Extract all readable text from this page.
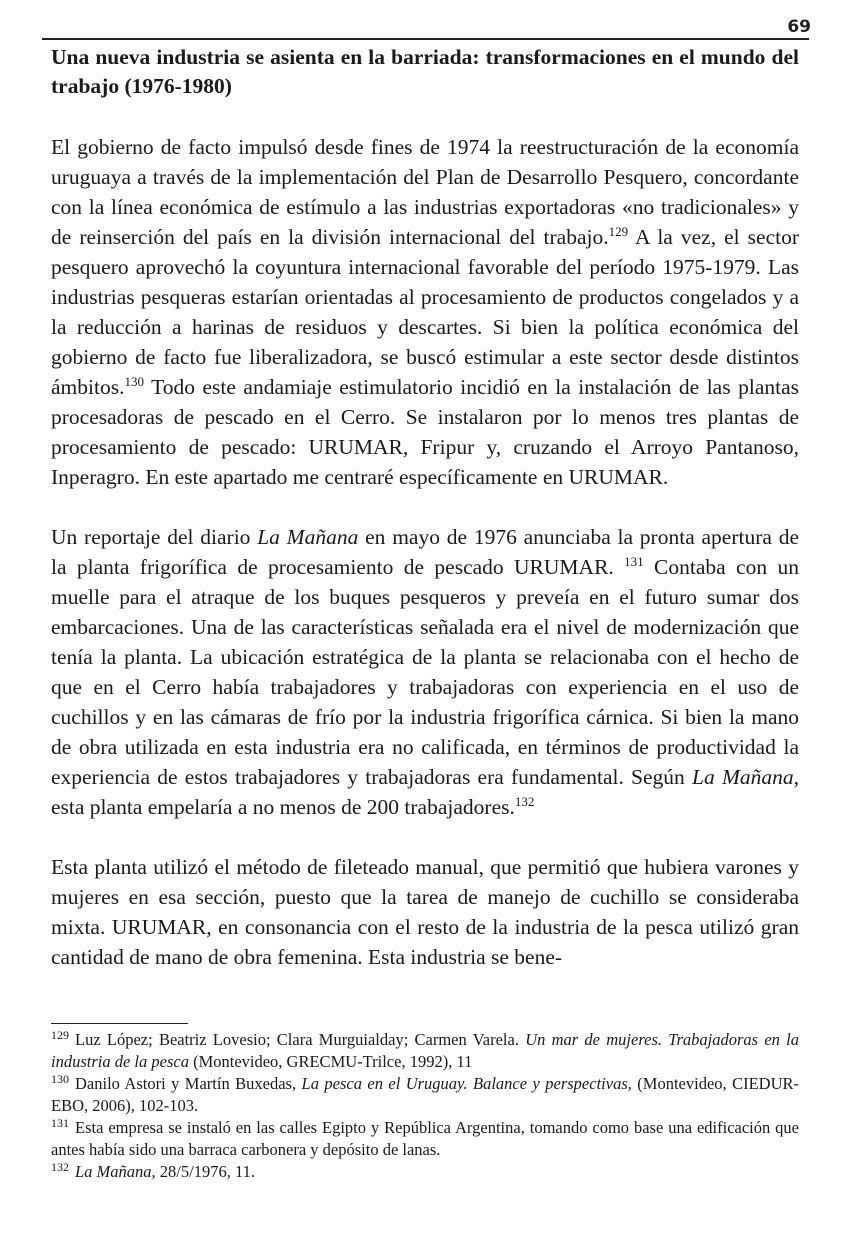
69
Una nueva industria se asienta en la barriada: transformaciones en el mundo del trabajo (1976-1980)

El gobierno de facto impulsó desde fines de 1974 la reestructuración de la economía uruguaya a través de la implementación del Plan de Desarrollo Pesquero, concordante con la línea económica de estímulo a las industrias exportadoras «no tradicionales» y de reinserción del país en la división internacional del trabajo.$^{129}$ A la vez, el sector pesquero aprovechó la coyuntura internacional favorable del período 1975-1979. Las industrias pesqueras estarían orientadas al procesamiento de productos congelados y a la reducción a harinas de residuos y descartes. Si bien la política económica del gobierno de facto fue liberalizadora, se buscó estimular a este sector desde distintos ámbitos.$^{130}$ Todo este andamiaje estimulatorio incidió en la instalación de las plantas procesadoras de pescado en el Cerro. Se instalaron por lo menos tres plantas de procesamiento de pescado: URUMAR, Fripur y, cruzando el Arroyo Pantanoso, Inperagro. En este apartado me centraré específicamente en URUMAR.

Un reportaje del diario La Mañana en mayo de 1976 anunciaba la pronta apertura de la planta frigorífica de procesamiento de pescado URUMAR. $^{131}$ Contaba con un muelle para el atraque de los buques pesqueros y preveía en el futuro sumar dos embarcaciones. Una de las características señalada era el nivel de modernización que tenía la planta. La ubicación estratégica de la planta se relacionaba con el hecho de que en el Cerro había trabajadores y trabajadoras con experiencia en el uso de cuchillos y en las cámaras de frío por la industria frigorífica cárnica. Si bien la mano de obra utilizada en esta industria era no calificada, en términos de productividad la experiencia de estos trabajadores y trabajadoras era fundamental. Según La Mañana, esta planta empelaría a no menos de 200 trabajadores.$^{132}$

Esta planta utilizó el método de fileteado manual, que permitió que hubiera varones y mujeres en esa sección, puesto que la tarea de manejo de cuchillo se consideraba mixta. URUMAR, en consonancia con el resto de la industria de la pesca utilizó gran cantidad de mano de obra femenina. Esta industria se bene-

$^{129}$ Luz López; Beatriz Lovesio; Clara Murguialday; Carmen Varela. Un mar de mujeres. Trabajadoras en la industria de la pesca (Montevideo, GRECMU-Trilce, 1992), 11

$^{130}$ Danilo Astori y Martín Buxedas, La pesca en el Uruguay. Balance y perspectivas, (Montevideo, CIEDUR-EBO, 2006), 102-103.

$^{131}$ Esta empresa se instaló en las calles Egipto y República Argentina, tomando como base una edificación que antes había sido una barraca carbonera y depósito de lanas.

$^{132}$ La Mañana, 28/5/1976, 11.
